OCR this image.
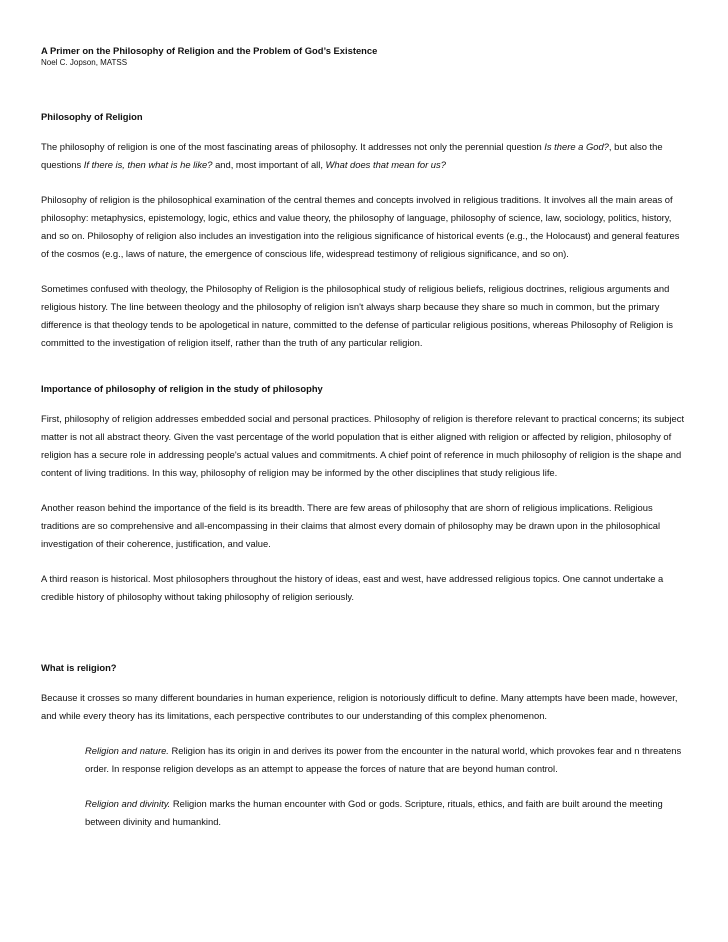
A Primer on the Philosophy of Religion and the Problem of God’s Existence
Noel C. Jopson, MATSS
Philosophy of Religion

The philosophy of religion is one of the most fascinating areas of philosophy. It addresses not only the perennial question Is there a God?, but also the questions If there is, then what is he like? and, most important of all, What does that mean for us?

Philosophy of religion is the philosophical examination of the central themes and concepts involved in religious traditions. It involves all the main areas of philosophy: metaphysics, epistemology, logic, ethics and value theory, the philosophy of language, philosophy of science, law, sociology, politics, history, and so on. Philosophy of religion also includes an investigation into the religious significance of historical events (e.g., the Holocaust) and general features of the cosmos (e.g., laws of nature, the emergence of conscious life, widespread testimony of religious significance, and so on).

Sometimes confused with theology, the Philosophy of Religion is the philosophical study of religious beliefs, religious doctrines, religious arguments and religious history. The line between theology and the philosophy of religion isn't always sharp because they share so much in common, but the primary difference is that theology tends to be apologetical in nature, committed to the defense of particular religious positions, whereas Philosophy of Religion is committed to the investigation of religion itself, rather than the truth of any particular religion.

Importance of philosophy of religion in the study of philosophy

First, philosophy of religion addresses embedded social and personal practices. Philosophy of religion is therefore relevant to practical concerns; its subject matter is not all abstract theory. Given the vast percentage of the world population that is either aligned with religion or affected by religion, philosophy of religion has a secure role in addressing people's actual values and commitments. A chief point of reference in much philosophy of religion is the shape and content of living traditions. In this way, philosophy of religion may be informed by the other disciplines that study religious life.

Another reason behind the importance of the field is its breadth. There are few areas of philosophy that are shorn of religious implications. Religious traditions are so comprehensive and all-encompassing in their claims that almost every domain of philosophy may be drawn upon in the philosophical investigation of their coherence, justification, and value.

A third reason is historical. Most philosophers throughout the history of ideas, east and west, have addressed religious topics. One cannot undertake a credible history of philosophy without taking philosophy of religion seriously.

What is religion?

Because it crosses so many different boundaries in human experience, religion is notoriously difficult to define. Many attempts have been made, however, and while every theory has its limitations, each perspective contributes to our understanding of this complex phenomenon.

Religion and nature. Religion has its origin in and derives its power from the encounter in the natural world, which provokes fear and n threatens order. In response religion develops as an attempt to appease the forces of nature that are beyond human control.

Religion and divinity. Religion marks the human encounter with God or gods. Scripture, rituals, ethics, and faith are built around the meeting between divinity and humankind.
